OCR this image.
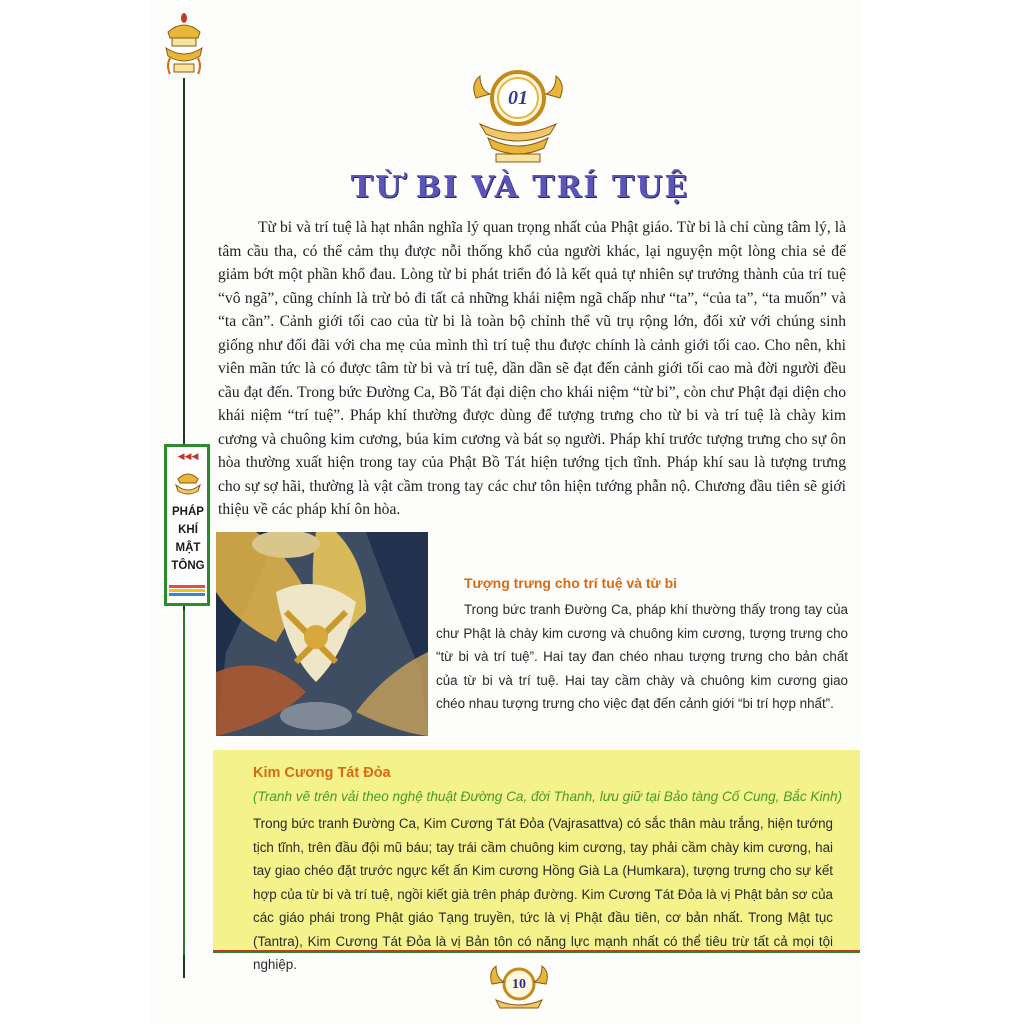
01
TỪ BI VÀ TRÍ TUỆ

Từ bi và trí tuệ là hạt nhân nghĩa lý quan trọng nhất của Phật giáo. Từ bi là chỉ cùng tâm lý, là tâm cầu tha, có thể cảm thụ được nỗi thống khổ của người khác, lại nguyện một lòng chia sẻ để giảm bớt một phần khổ đau. Lòng từ bi phát triển đó là kết quả tự nhiên sự trưởng thành của trí tuệ “vô ngã”, cũng chính là trừ bỏ đi tất cả những khái niệm ngã chấp như “ta”, “của ta”, “ta muốn” và “ta cần”. Cảnh giới tối cao của từ bi là toàn bộ chỉnh thể vũ trụ rộng lớn, đối xử với chúng sinh giống như đối đãi với cha mẹ của mình thì trí tuệ thu được chính là cảnh giới tối cao. Cho nên, khi viên mãn tức là có được tâm từ bi và trí tuệ, dần dần sẽ đạt đến cảnh giới tối cao mà đời người đều cầu đạt đến. Trong bức Đường Ca, Bồ Tát đại diện cho khái niệm “từ bi”, còn chư Phật đại diện cho khái niệm “trí tuệ”. Pháp khí thường được dùng để tượng trưng cho từ bi và trí tuệ là chày kim cương và chuông kim cương, búa kim cương và bát sọ người. Pháp khí trước tượng trưng cho sự ôn hòa thường xuất hiện trong tay của Phật Bồ Tát hiện tướng tịch tĩnh. Pháp khí sau là tượng trưng cho sự sợ hãi, thường là vật cầm trong tay các chư tôn hiện tướng phẫn nộ. Chương đầu tiên sẽ giới thiệu về các pháp khí ôn hòa.

◀◀◀
PHÁP
KHÍ
MẬT
TÔNG
Tượng trưng cho trí tuệ và từ bi

Trong bức tranh Đường Ca, pháp khí thường thấy trong tay của chư Phật là chày kim cương và chuông kim cương, tượng trưng cho “từ bi và trí tuệ”. Hai tay đan chéo nhau tượng trưng cho bản chất của từ bi và trí tuệ. Hai tay cầm chày và chuông kim cương giao chéo nhau tượng trưng cho việc đạt đến cảnh giới “bi trí hợp nhất”.

Kim Cương Tát Đỏa
(Tranh vẽ trên vải theo nghệ thuật Đường Ca, đời Thanh, lưu giữ tại Bảo tàng Cố Cung, Bắc Kinh)

Trong bức tranh Đường Ca, Kim Cương Tát Đỏa (Vajrasattva) có sắc thân màu trắng, hiện tướng tịch tĩnh, trên đầu đội mũ báu; tay trái cầm chuông kim cương, tay phải cầm chày kim cương, hai tay giao chéo đặt trước ngực kết ấn Kim cương Hồng Già La (Humkara), tượng trưng cho sự kết hợp của từ bi và trí tuệ, ngồi kiết già trên pháp đường. Kim Cương Tát Đỏa là vị Phật bản sơ của các giáo phái trong Phật giáo Tạng truyền, tức là vị Phật đầu tiên, cơ bản nhất. Trong Mật tục (Tantra), Kim Cương Tát Đỏa là vị Bản tôn có năng lực mạnh nhất có thể tiêu trừ tất cả mọi tội nghiệp.

10
